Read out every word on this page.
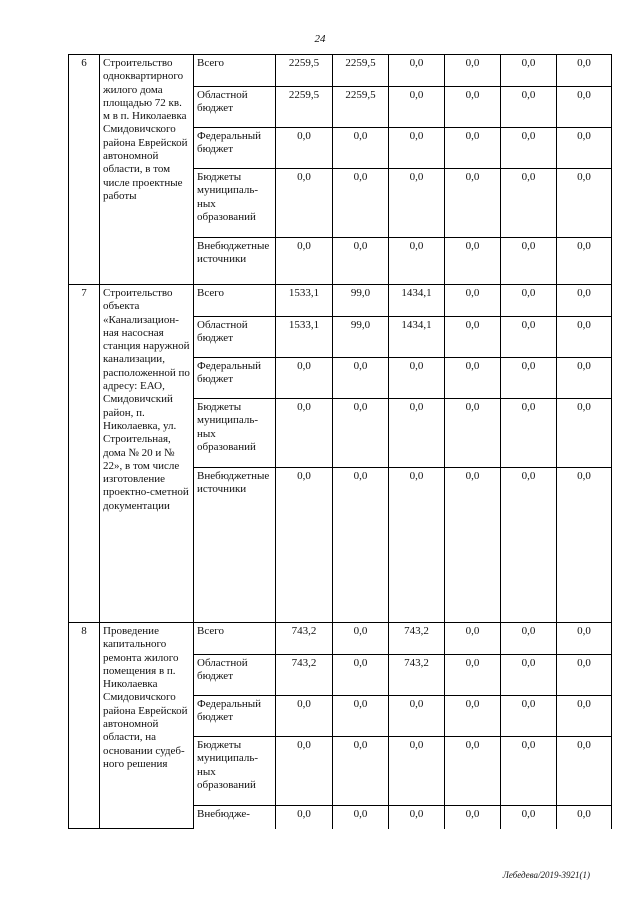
24
6	Строительство одноквартирного жилого дома площадью 72 кв. м в п. Николаевка Смидовичского района Еврейской автономной области, в том числе проектные работы	Всего	2259,5	2259,5	0,0	0,0	0,0	0,0
		Областной бюджет	2259,5	2259,5	0,0	0,0	0,0	0,0
		Федеральный бюджет	0,0	0,0	0,0	0,0	0,0	0,0
		Бюджеты муниципальных образований	0,0	0,0	0,0	0,0	0,0	0,0
		Внебюджетные источники	0,0	0,0	0,0	0,0	0,0	0,0
7	Строительство объекта «Канализационная насосная станция наружной канализации, расположенной по адресу: ЕАО, Смидовичский район, п. Николаевка, ул. Строительная, дома № 20 и № 22», в том числе изготовление проектно-сметной документации	Всего	1533,1	99,0	1434,1	0,0	0,0	0,0
		Областной бюджет	1533,1	99,0	1434,1	0,0	0,0	0,0
		Федеральный бюджет	0,0	0,0	0,0	0,0	0,0	0,0
		Бюджеты муниципальных образований	0,0	0,0	0,0	0,0	0,0	0,0
		Внебюджетные источники	0,0	0,0	0,0	0,0	0,0	0,0
8	Проведение капитального ремонта жилого помещения в п. Николаевка Смидовичского района Еврейской автономной области, на основании судебного решения	Всего	743,2	0,0	743,2	0,0	0,0	0,0
		Областной бюджет	743,2	0,0	743,2	0,0	0,0	0,0
		Федеральный бюджет	0,0	0,0	0,0	0,0	0,0	0,0
		Бюджеты муниципальных образований	0,0	0,0	0,0	0,0	0,0	0,0
		Внебюдже-	0,0	0,0	0,0	0,0	0,0	0,0
Лебедева/2019-3921(1)
